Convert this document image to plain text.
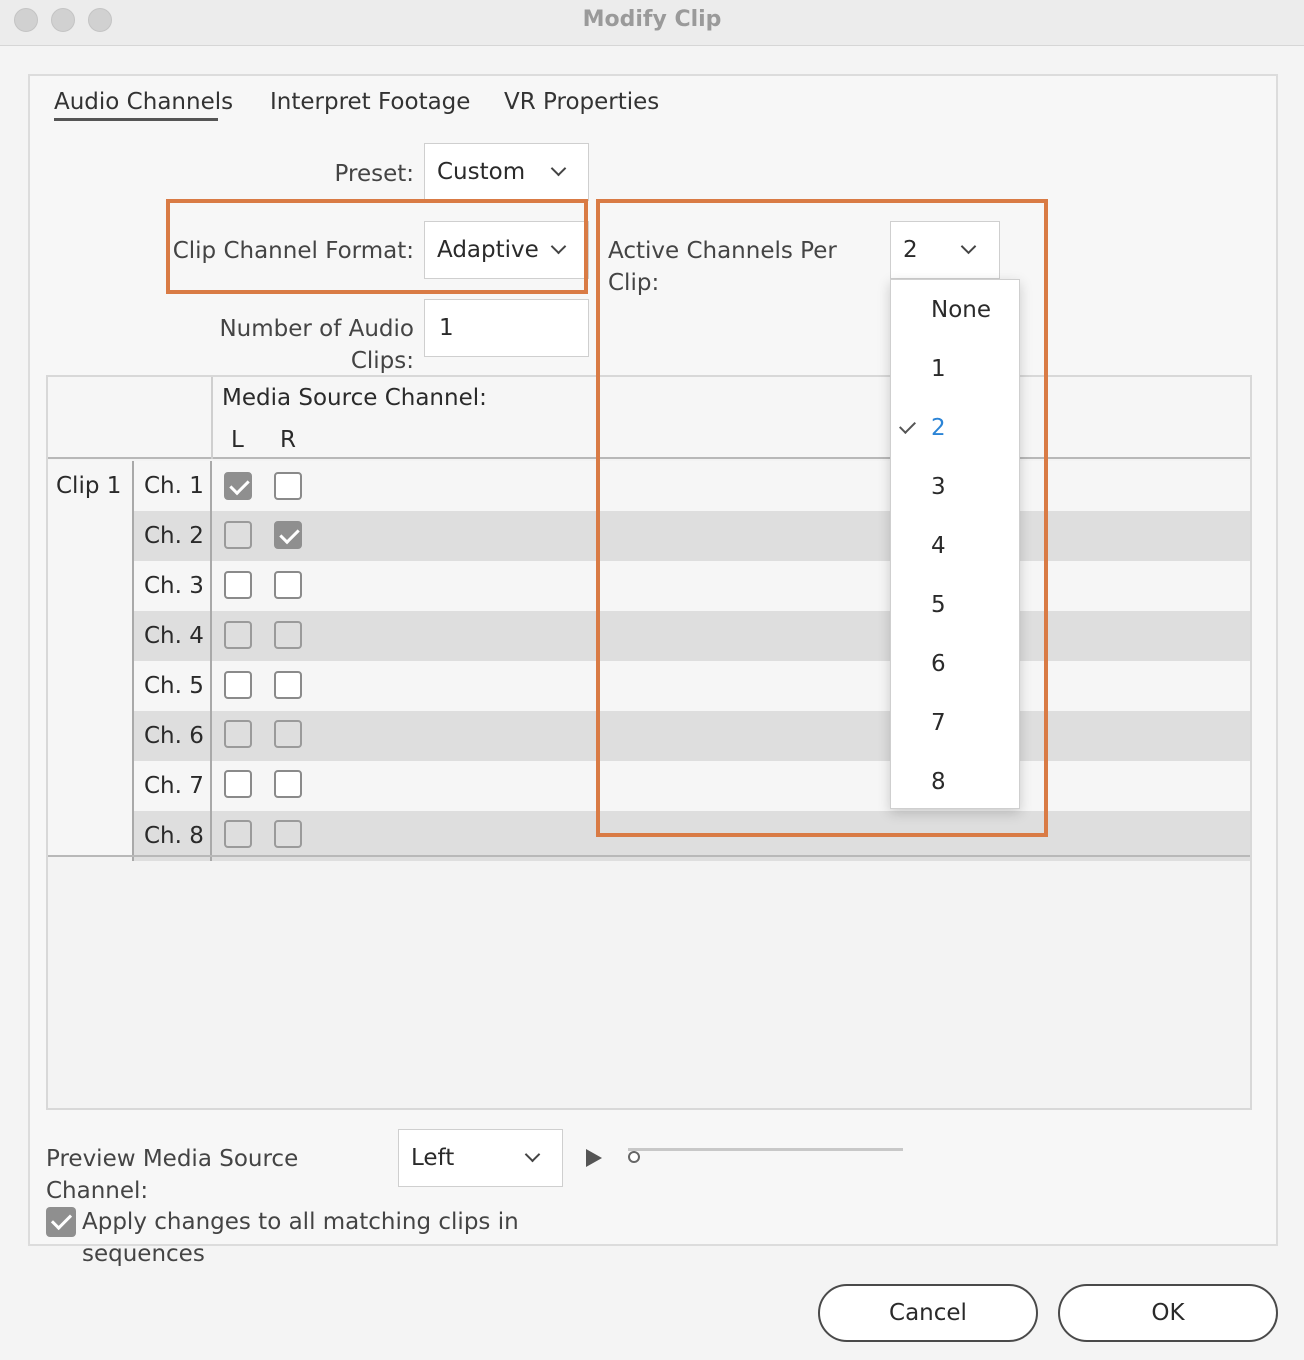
Modify Clip
Audio Channels Interpret Footage VR Properties
Preset: Custom
Clip Channel Format: Adaptive	Active Channels Per Clip:
2
Number of Audio Clips:
1
Media Source Channel:
L R
Clip 1 Ch. 1
Ch. 2
Ch. 3
Ch. 4
Ch. 5
Ch. 6
Ch. 7
Ch. 8
None
1
2
3
4
5
6
7
8
Preview Media Source Channel:
Left
Apply changes to all matching clips in sequences
Cancel	OK
